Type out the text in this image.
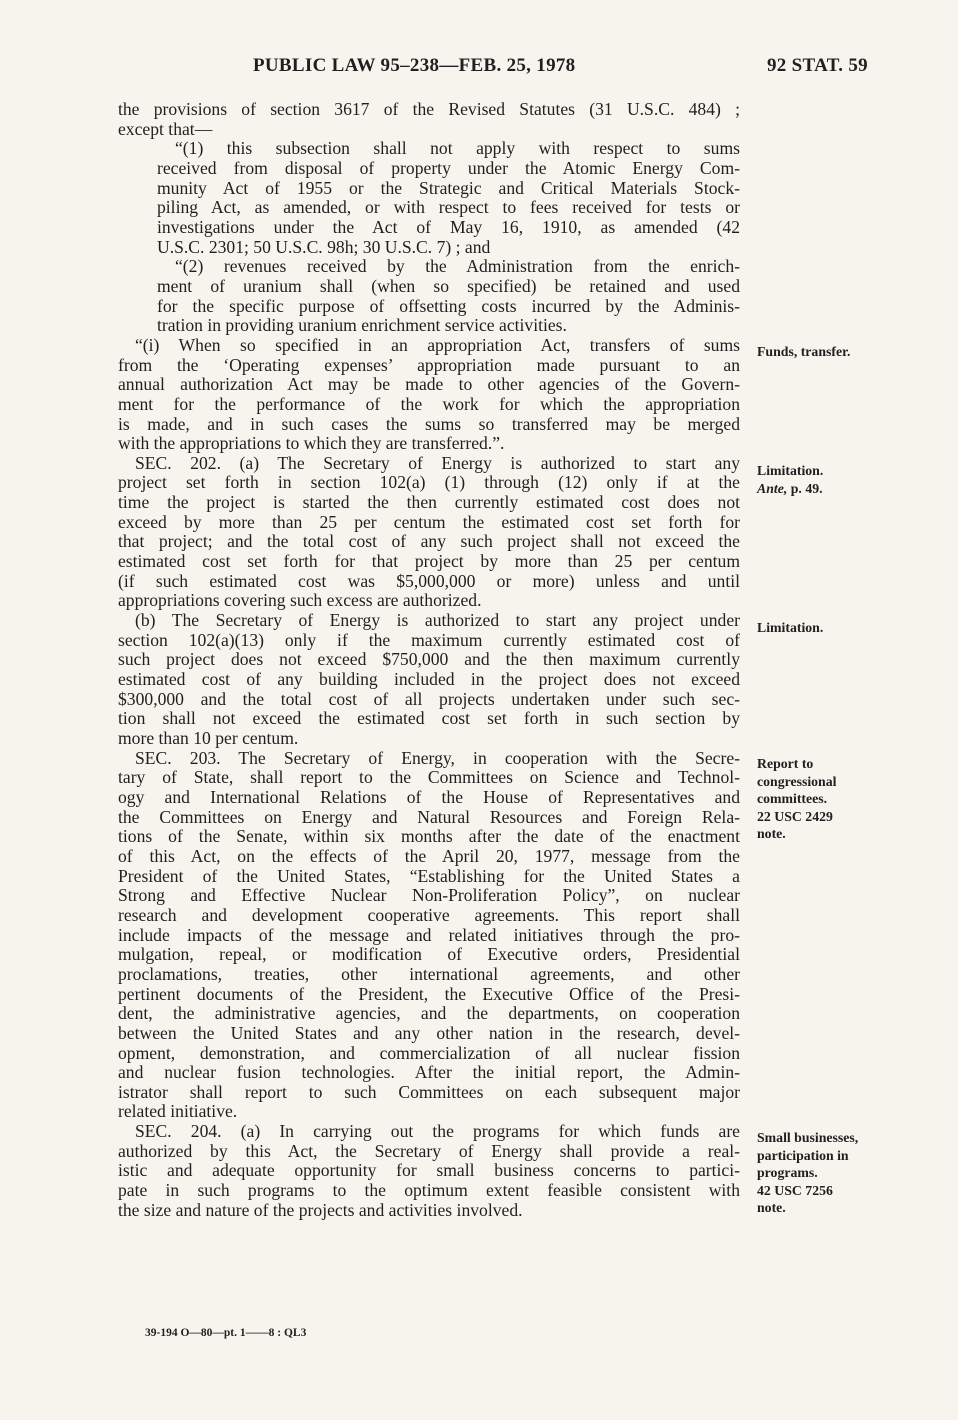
PUBLIC LAW 95–238—FEB. 25, 1978	92 STAT. 59
the provisions of section 3617 of the Revised Statutes (31 U.S.C. 484) ;
except that—
“(1) this subsection shall not apply with respect to sums
received from disposal of property under the Atomic Energy Com-
munity Act of 1955 or the Strategic and Critical Materials Stock-
piling Act, as amended, or with respect to fees received for tests or
investigations under the Act of May 16, 1910, as amended (42
U.S.C. 2301; 50 U.S.C. 98h; 30 U.S.C. 7) ; and
“(2) revenues received by the Administration from the enrich-
ment of uranium shall (when so specified) be retained and used
for the specific purpose of offsetting costs incurred by the Adminis-
tration in providing uranium enrichment service activities.
“(i) When so specified in an appropriation Act, transfers of sums
from the ‘Operating expenses’ appropriation made pursuant to an
annual authorization Act may be made to other agencies of the Govern-
ment for the performance of the work for which the appropriation
is made, and in such cases the sums so transferred may be merged
with the appropriations to which they are transferred.”.
SEC. 202. (a) The Secretary of Energy is authorized to start any
project set forth in section 102(a) (1) through (12) only if at the
time the project is started the then currently estimated cost does not
exceed by more than 25 per centum the estimated cost set forth for
that project; and the total cost of any such project shall not exceed the
estimated cost set forth for that project by more than 25 per centum
(if such estimated cost was $5,000,000 or more) unless and until
appropriations covering such excess are authorized.
(b) The Secretary of Energy is authorized to start any project under
section 102(a)(13) only if the maximum currently estimated cost of
such project does not exceed $750,000 and the then maximum currently
estimated cost of any building included in the project does not exceed
$300,000 and the total cost of all projects undertaken under such sec-
tion shall not exceed the estimated cost set forth in such section by
more than 10 per centum.
SEC. 203. The Secretary of Energy, in cooperation with the Secre-
tary of State, shall report to the Committees on Science and Technol-
ogy and International Relations of the House of Representatives and
the Committees on Energy and Natural Resources and Foreign Rela-
tions of the Senate, within six months after the date of the enactment
of this Act, on the effects of the April 20, 1977, message from the
President of the United States, “Establishing for the United States a
Strong and Effective Nuclear Non-Proliferation Policy”, on nuclear
research and development cooperative agreements. This report shall
include impacts of the message and related initiatives through the pro-
mulgation, repeal, or modification of Executive orders, Presidential
proclamations, treaties, other international agreements, and other
pertinent documents of the President, the Executive Office of the Presi-
dent, the administrative agencies, and the departments, on cooperation
between the United States and any other nation in the research, devel-
opment, demonstration, and commercialization of all nuclear fission
and nuclear fusion technologies. After the initial report, the Admin-
istrator shall report to such Committees on each subsequent major
related initiative.
SEC. 204. (a) In carrying out the programs for which funds are
authorized by this Act, the Secretary of Energy shall provide a real-
istic and adequate opportunity for small business concerns to partici-
pate in such programs to the optimum extent feasible consistent with
the size and nature of the projects and activities involved.
Funds, transfer.
Limitation.
Ante, p. 49.
Limitation.
Report to
congressional
committees.
22 USC 2429
note.
Small businesses,
participation in
programs.
42 USC 7256
note.
39-194 O—80—pt. 1——8 : QL3
